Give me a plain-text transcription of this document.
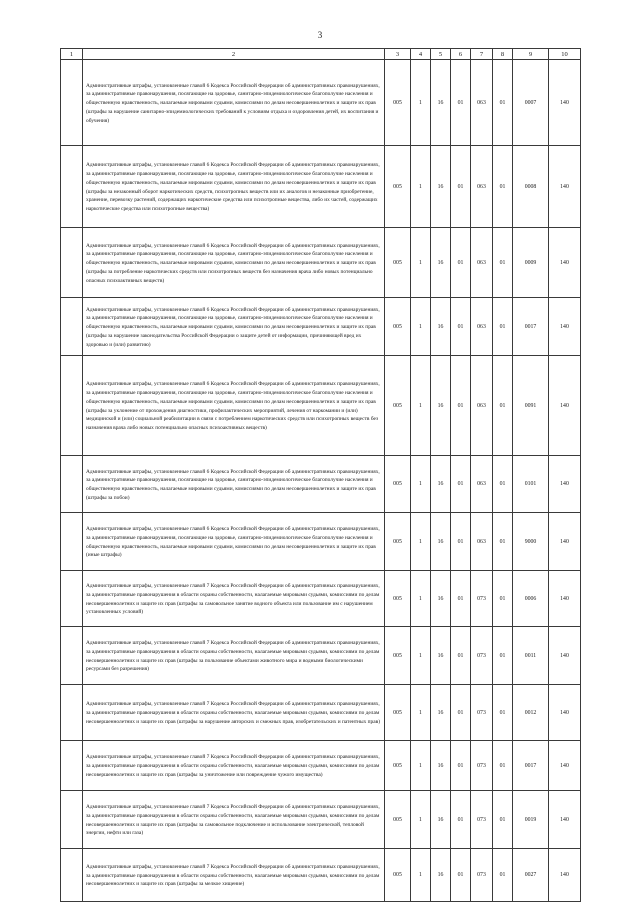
3
1	2	3	4	5	6	7	8	9	10
	Административные штрафы, установленные главой 6 Кодекса Российской Федерации об административных правонарушениях, за административные правонарушения, посягающие на здоровье, санитарно-эпидемиологическое благополучие населения и общественную нравственность, налагаемые мировыми судьями, комиссиями по делам несовершеннолетних и защите их прав (штрафы за нарушение санитарно-эпидемиологических требований к условиям отдыха и оздоровления детей, их воспитания и обучения)	005	1	16	01	063	01	0007	140
	Административные штрафы, установленные главой 6 Кодекса Российской Федерации об административных правонарушениях, за административные правонарушения, посягающие на здоровье, санитарно-эпидемиологическое благополучие населения и общественную нравственность, налагаемые мировыми судьями, комиссиями по делам несовершеннолетних и защите их прав (штрафы за незаконный оборот наркотических средств, психотропных веществ или их аналогов и незаконные приобретение, хранение, перевозку растений, содержащих наркотические средства или психотропные вещества, либо их частей, содержащих наркотические средства или психотропные вещества)	005	1	16	01	063	01	0008	140
	Административные штрафы, установленные главой 6 Кодекса Российской Федерации об административных правонарушениях, за административные правонарушения, посягающие на здоровье, санитарно-эпидемиологическое благополучие населения и общественную нравственность, налагаемые мировыми судьями, комиссиями по делам несовершеннолетних и защите их прав (штрафы за потребление наркотических средств или психотропных веществ без назначения врача либо новых потенциально опасных психоактивных веществ)	005	1	16	01	063	01	0009	140
	Административные штрафы, установленные главой 6 Кодекса Российской Федерации об административных правонарушениях, за административные правонарушения, посягающие на здоровье, санитарно-эпидемиологическое благополучие населения и общественную нравственность, налагаемые мировыми судьями, комиссиями по делам несовершеннолетних и защите их прав (штрафы за нарушение законодательства Российской Федерации о защите детей от информации, причиняющей вред их здоровью и (или) развитию)	005	1	16	01	063	01	0017	140
	Административные штрафы, установленные главой 6 Кодекса Российской Федерации об административных правонарушениях, за административные правонарушения, посягающие на здоровье, санитарно-эпидемиологическое благополучие населения и общественную нравственность, налагаемые мировыми судьями, комиссиями по делам несовершеннолетних и защите их прав (штрафы за уклонение от прохождения диагностики, профилактических мероприятий, лечения от наркомании и (или) медицинской и (или) социальной реабилитации в связи с потреблением наркотических средств или психотропных веществ без назначения врача либо новых потенциально опасных психоактивных веществ)	005	1	16	01	063	01	0091	140
	Административные штрафы, установленные главой 6 Кодекса Российской Федерации об административных правонарушениях, за административные правонарушения, посягающие на здоровье, санитарно-эпидемиологическое благополучие населения и общественную нравственность, налагаемые мировыми судьями, комиссиями по делам несовершеннолетних и защите их прав (штрафы за побои)	005	1	16	01	063	01	0101	140
	Административные штрафы, установленные главой 6 Кодекса Российской Федерации об административных правонарушениях, за административные правонарушения, посягающие на здоровье, санитарно-эпидемиологическое благополучие населения и общественную нравственность, налагаемые мировыми судьями, комиссиями по делам несовершеннолетних и защите их прав (иные штрафы)	005	1	16	01	063	01	9000	140
	Административные штрафы, установленные главой 7 Кодекса Российской Федерации об административных правонарушениях, за административные правонарушения в области охраны собственности, налагаемые мировыми судьями, комиссиями по делам несовершеннолетних и защите их прав (штрафы за самовольное занятие водного объекта или пользование им с нарушением установленных условий)	005	1	16	01	073	01	0006	140
	Административные штрафы, установленные главой 7 Кодекса Российской Федерации об административных правонарушениях, за административные правонарушения в области охраны собственности, налагаемые мировыми судьями, комиссиями по делам несовершеннолетних и защите их прав (штрафы за пользование объектами животного мира и водными биологическими ресурсами без разрешения)	005	1	16	01	073	01	0011	140
	Административные штрафы, установленные главой 7 Кодекса Российской Федерации об административных правонарушениях, за административные правонарушения в области охраны собственности, налагаемые мировыми судьями, комиссиями по делам несовершеннолетних и защите их прав (штрафы за нарушение авторских и смежных прав, изобретательских и патентных прав)	005	1	16	01	073	01	0012	140
	Административные штрафы, установленные главой 7 Кодекса Российской Федерации об административных правонарушениях, за административные правонарушения в области охраны собственности, налагаемые мировыми судьями, комиссиями по делам несовершеннолетних и защите их прав (штрафы за уничтожение или повреждение чужого имущества)	005	1	16	01	073	01	0017	140
	Административные штрафы, установленные главой 7 Кодекса Российской Федерации об административных правонарушениях, за административные правонарушения в области охраны собственности, налагаемые мировыми судьями, комиссиями по делам несовершеннолетних и защите их прав (штрафы за самовольное подключение и использование электрической, тепловой энергии, нефти или газа)	005	1	16	01	073	01	0019	140
	Административные штрафы, установленные главой 7 Кодекса Российской Федерации об административных правонарушениях, за административные правонарушения в области охраны собственности, налагаемые мировыми судьями, комиссиями по делам несовершеннолетних и защите их прав (штрафы за мелкое хищение)	005	1	16	01	073	01	0027	140
